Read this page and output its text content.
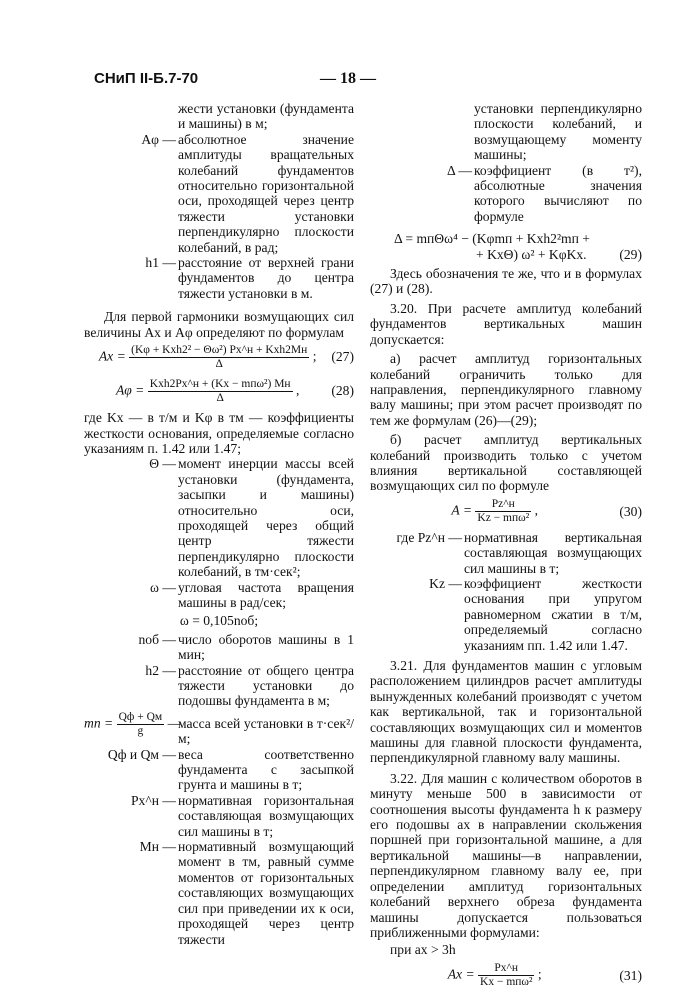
СНиП II-Б.7-70	— 18 —

жести установки (фундамента и машины) в м;

Aφ — абсолютное значение амплитуды вращательных колебаний фундаментов относительно горизонтальной оси, проходящей через центр тяжести установки перпендикулярно плоскости колебаний, в рад;
h1 — расстояние от верхней грани фундаментов до центра тяжести установки в м.

Для первой гармоники возмущающих сил величины Ax и Aφ определяют по формулам

$Ax = \frac{\text{(Kφ + Kxh2² − Θω²) Px\textasciicircum{}н + Kxh2Mн}}{\Delta}$ ;	(27)
$A\varphi = \frac{\text{Kxh2Px\textasciicircum{}н + (Kx − mпω²) Mн}}{\Delta}$ ,	(28)

где Kx — в т/м и Kφ в тм — коэффициенты жесткости основания, определяемые согласно указаниям п. 1.42 или 1.47;

Θ — момент инерции массы всей установки (фундамента, засыпки и машины) относительно оси, проходящей через общий центр тяжести перпендикулярно плоскости колебаний, в тм·сек²;
ω — угловая частота вращения машины в рад/сек;

ω = 0,105nоб;

nоб — число оборотов машины в 1 мин;
h2 — расстояние от общего центра тяжести установки до подошвы фундамента в м;
mп = $\frac{Qф + Qм}{g}$ —
масса всей установки в т·сек²/м;
Qф и Qм — веса соответственно фундамента с засыпкой грунта и машины в т;
Px^н — нормативная горизонтальная составляющая возмущающих сил машины в т;
Mн — нормативный возмущающий момент в тм, равный сумме моментов от горизонтальных составляющих возмущающих сил при приведении их к оси, проходящей через центр тяжести

установки перпендикулярно плоскости колебаний, и возмущающему моменту машины;

Δ — коэффициент (в т²), абсолютные значения которого вычисляют по формуле

Δ = mпΘω⁴ − (Kφmп + Kxh2²mп +

+ KxΘ) ω² + KφKx. (29)

Здесь обозначения те же, что и в формулах (27) и (28).

3.20. При расчете амплитуд колебаний фундаментов вертикальных машин допускается:

а) расчет амплитуд горизонтальных колебаний ограничить только для направления, перпендикулярного главному валу машины; при этом расчет производят по тем же формулам (26)—(29);

б) расчет амплитуд вертикальных колебаний производить только с учетом влияния вертикальной составляющей возмущающих сил по формуле

$A = \frac{Pz\^{}н}{\text{Kz − mпω²}}$ ,	(30)
где Pz^н — нормативная вертикальная составляющая возмущающих сил машины в т;
Kz — коэффициент жесткости основания при упругом равномерном сжатии в т/м, определяемый согласно указаниям пп. 1.42 или 1.47.

3.21. Для фундаментов машин с угловым расположением цилиндров расчет амплитуды вынужденных колебаний производят с учетом как вертикальной, так и горизонтальной составляющих возмущающих сил и моментов машины для главной плоскости фундамента, перпендикулярной главному валу машины.

3.22. Для машин с количеством оборотов в минуту меньше 500 в зависимости от соотношения высоты фундамента h к размеру его подошвы ax в направлении скольжения поршней при горизонтальной машине, а для вертикальной машины—в направлении, перпендикулярном главному валу ее, при определении амплитуд горизонтальных колебаний верхнего обреза фундамента машины допускается пользоваться приближенными формулами:

при ax > 3h

$Ax = \frac{Px\^{}н}{\text{Kx − mпω²}}$ ;	(31)
